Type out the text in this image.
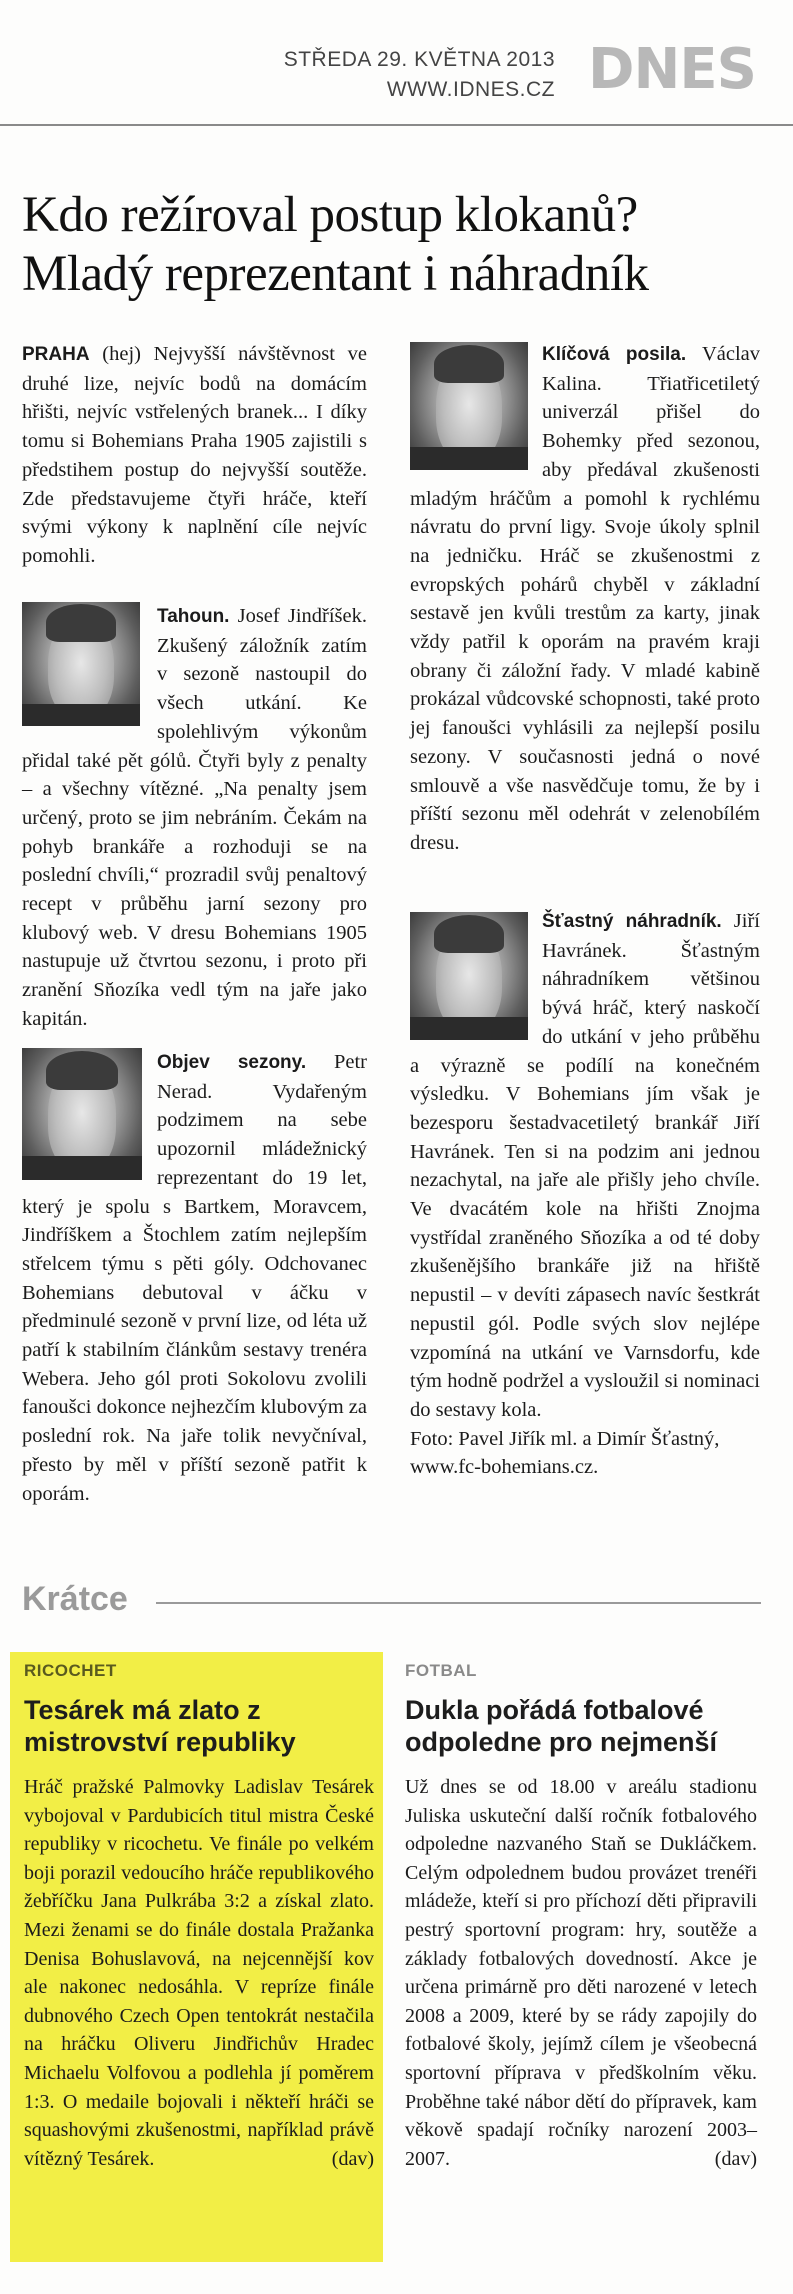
STŘEDA 29. KVĚTNA 2013
WWW.IDNES.CZ DNES
Kdo režíroval postup klokanů?
Mladý reprezentant i náhradník

PRAHA (hej) Nejvyšší návštěvnost ve druhé lize, nejvíc bodů na domácím hřišti, nejvíc vstřelených branek... I díky tomu si Bohemians Praha 1905 zajistili s předstihem postup do nejvyšší soutěže. Zde představujeme čtyři hráče, kteří svými výkony k naplnění cíle nejvíc pomohli.

Tahoun. Josef Jindříšek. Zkušený záložník zatím v sezoně nastoupil do všech utkání. Ke spolehlivým výkonům přidal také pět gólů. Čtyři byly z penalty – a všechny vítězné. „Na penalty jsem určený, proto se jim nebráním. Čekám na pohyb brankáře a rozhoduji se na poslední chvíli,“ prozradil svůj penaltový recept v průběhu jarní sezony pro klubový web. V dresu Bohemians 1905 nastupuje už čtvrtou sezonu, i proto při zranění Sňozíka vedl tým na jaře jako kapitán.

Objev sezony. Petr Nerad. Vydařeným podzimem na sebe upozornil mládežnický reprezentant do 19 let, který je spolu s Bartkem, Moravcem, Jindříškem a Štochlem zatím nejlepším střelcem týmu s pěti góly. Odchovanec Bohemians debutoval v áčku v předminulé sezoně v první lize, od léta už patří k stabilním článkům sestavy trenéra Webera. Jeho gól proti Sokolovu zvolili fanoušci dokonce nejhezčím klubovým za poslední rok. Na jaře tolik nevyčníval, přesto by měl v příští sezoně patřit k oporám.

Klíčová posila. Václav Kalina. Třiatřicetiletý univerzál přišel do Bohemky před sezonou, aby předával zkušenosti mladým hráčům a pomohl k rychlému návratu do první ligy. Svoje úkoly splnil na jedničku. Hráč se zkušenostmi z evropských pohárů chyběl v základní sestavě jen kvůli trestům za karty, jinak vždy patřil k oporám na pravém kraji obrany či záložní řady. V mladé kabině prokázal vůdcovské schopnosti, také proto jej fanoušci vyhlásili za nejlepší posilu sezony. V současnosti jedná o nové smlouvě a vše nasvědčuje tomu, že by i příští sezonu měl odehrát v zelenobílém dresu.

Šťastný náhradník. Jiří Havránek. Šťastným náhradníkem většinou bývá hráč, který naskočí do utkání v jeho průběhu a výrazně se podílí na konečném výsledku. V Bohemians jím však je bezesporu šestadvacetiletý brankář Jiří Havránek. Ten si na podzim ani jednou nezachytal, na jaře ale přišly jeho chvíle. Ve dvacátém kole na hřišti Znojma vystřídal zraněného Sňozíka a od té doby zkušenějšího brankáře již na hřiště nepustil – v devíti zápasech navíc šestkrát nepustil gól. Podle svých slov nejlépe vzpomíná na utkání ve Varnsdorfu, kde tým hodně podržel a vysloužil si nominaci do sestavy kola.

Foto: Pavel Jiřík ml. a Dimír Šťastný, www.fc-bohemians.cz.

Krátce
RICOCHET
Tesárek má zlato z mistrovství republiky
Hráč pražské Palmovky Ladislav Tesárek vybojoval v Pardubicích titul mistra České republiky v ricochetu. Ve finále po velkém boji porazil vedoucího hráče republikového žebříčku Jana Pulkrába 3:2 a získal zlato. Mezi ženami se do finále dostala Pražanka Denisa Bohuslavová, na nejcennější kov ale nakonec nedosáhla. V repríze finále dubnového Czech Open tentokrát nestačila na hráčku Oliveru Jindřichův Hradec Michaelu Volfovou a podlehla jí poměrem 1:3. O medaile bojovali i někteří hráči se squashovými zkušenostmi, například právě vítězný Tesárek.	(dav)
FOTBAL
Dukla pořádá fotbalové odpoledne pro nejmenší
Už dnes se od 18.00 v areálu stadionu Juliska uskuteční další ročník fotbalového odpoledne nazvaného Staň se Dukláčkem. Celým odpolednem budou provázet trenéři mládeže, kteří si pro příchozí děti připravili pestrý sportovní program: hry, soutěže a základy fotbalových dovedností. Akce je určena primárně pro děti narozené v letech 2008 a 2009, které by se rády zapojily do fotbalové školy, jejímž cílem je všeobecná sportovní příprava v předškolním věku. Proběhne také nábor dětí do přípravek, kam věkově spadají ročníky narození 2003–2007.	(dav)
